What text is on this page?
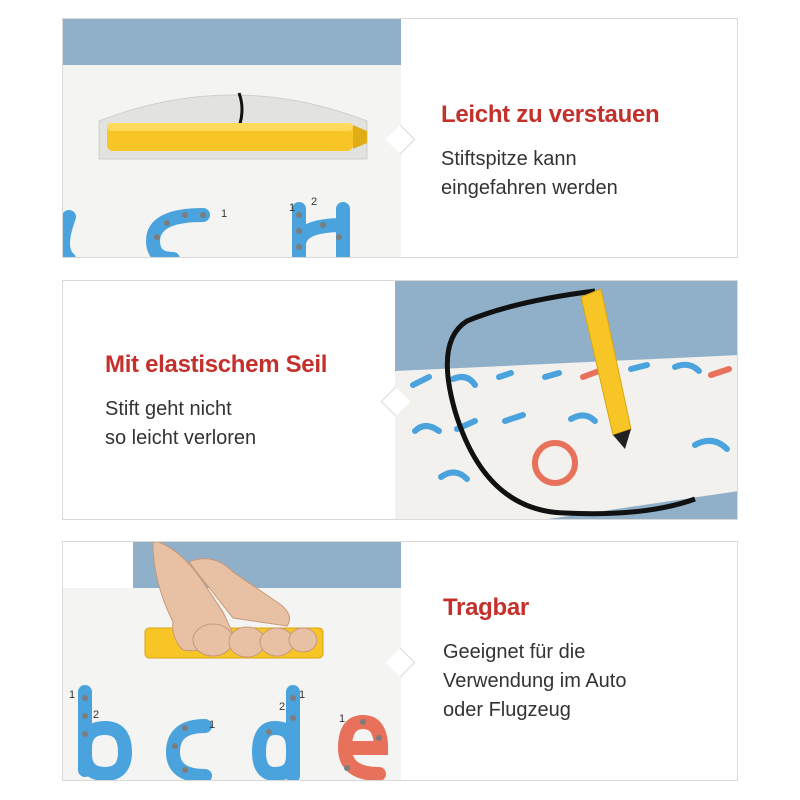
1	1 2
Leicht zu verstauen
Stiftspitze kann
eingefahren werden
Mit elastischem Seil
Stift geht nicht
so leicht verloren
2
1
1
2
1
1
Tragbar
Geeignet für die
Verwendung im Auto
oder Flugzeug
